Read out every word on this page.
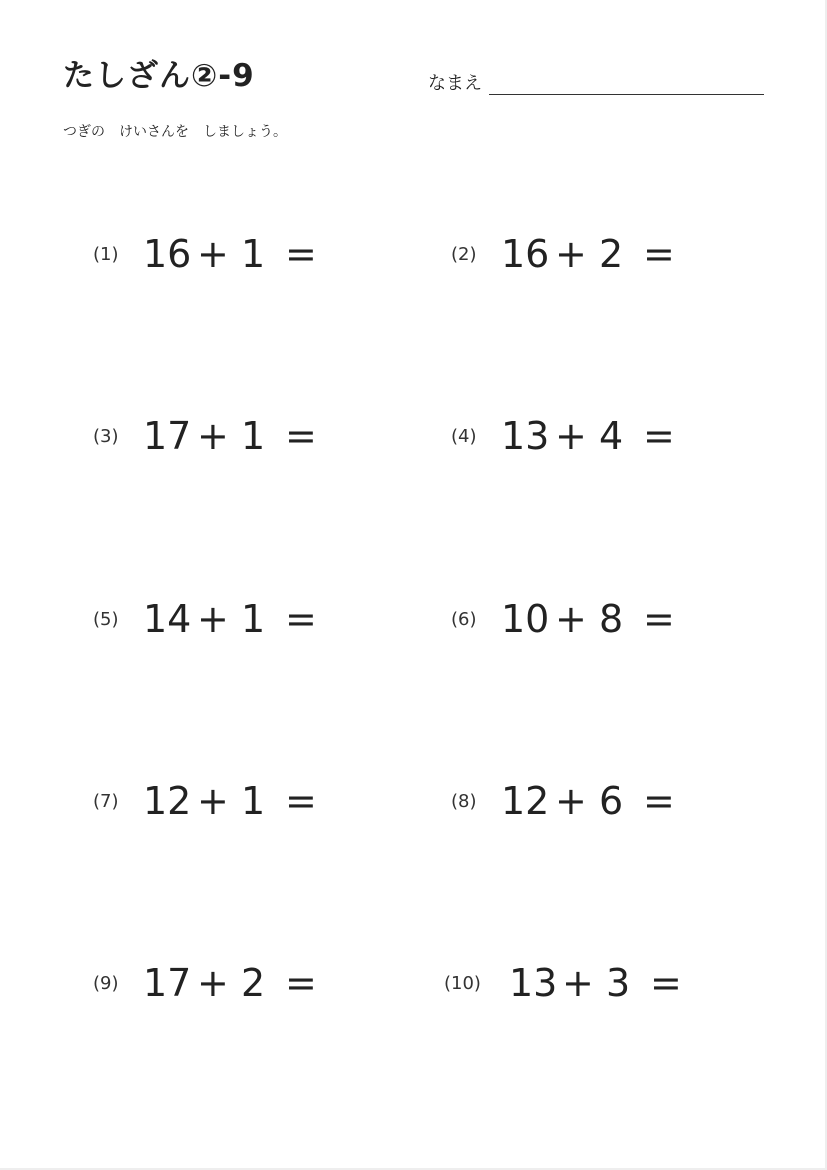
たしざん②-9	なまえ
つぎの　けいさんを　しましょう。
(1) 16 + 1 =	(2) 16 + 2 =
(3) 17 + 1 =	(4) 13 + 4 =
(5) 14 + 1 =	(6) 10 + 8 =
(7) 12 + 1 =	(8) 12 + 6 =
(9) 17 + 2 =	(10) 13 + 3 =
